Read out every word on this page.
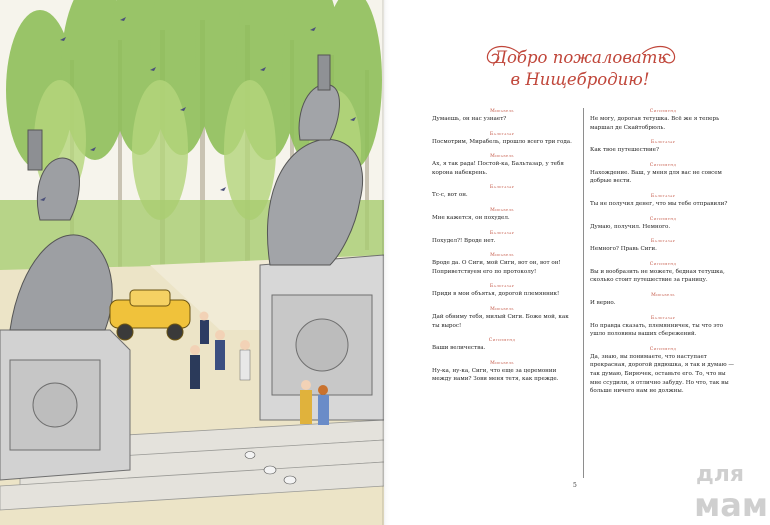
Добро пожаловать
в Нищебродию!
Мирабель
Думаешь, он нас узнает?
Бальтазар
Посмотрим, Мирабель, прошло всего три года.
Мирабель
Ах, я так рада! Постой-ка, Бальтазар, у тебя корона набекрень.
Бальтазар
Тс-с, вот он.
Мирабель
Мне кажется, он похудел.
Бальтазар
Похудел?! Вроде нет.
Мирабель
Вроде да. О Сиги, мой Сиги, вот он, вот он! Поприветствуем его по протоколу!
Бальтазар
Приди в мои объятья, дорогой племянник!
Мирабель
Дай обниму тебя, милый Сиги. Боже мой, как ты вырос!
Сигизмунд
Ваши величества.
Мирабель
Ну-ка, ну-ка, Сиги, что еще за церемонии между нами? Зови меня тетя, как прежде.
Сигизмунд
Не могу, дорогая тетушка. Всё же я теперь маршал де Скайтобрюль.
Бальтазар
Как твое путешествие?
Сигизмунд
Нахождение. Ваш, у меня для вас не совсем добрые вести.
Бальтазар
Ты не получил денег, что мы тебе отправили?
Сигизмунд
Думаю, получил. Немного.
Бальтазар
Немного? Правь Сиги.
Сигизмунд
Вы и вообразить не можете, бедная тетушка, сколько стоит путешествие за границу.
Мирабель
И верно.
Бальтазар
Но правда сказать, племянничек, ты что это ушло половины ваших сбережений.
Сигизмунд
Да, знаю, вы понимаете, что наступает прекрасная, дорогой дядюшка, я так и думаю — так думаю, Бирючек, оставьте его. То, что вы мне ссудили, я отлично забуду. Но что, так вы больше ничего нам не должны.
5	для
мам
